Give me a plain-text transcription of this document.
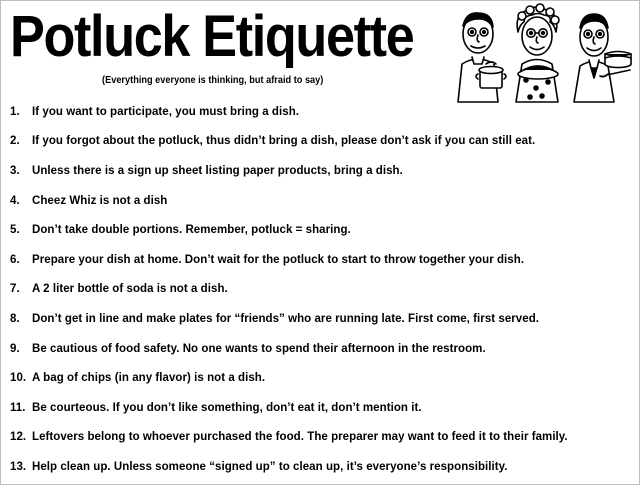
Potluck Etiquette
(Everything everyone is thinking, but afraid to say)
1.	If you want to participate, you must bring a dish.
2.	If you forgot about the potluck, thus didn’t bring a dish, please don’t ask if you can still eat.
3.	Unless there is a sign up sheet listing paper products, bring a dish.
4.	Cheez Whiz is not a dish
5.	Don’t take double portions. Remember, potluck = sharing.
6.	Prepare your dish at home. Don’t wait for the potluck to start to throw together your dish.
7.	A 2 liter bottle of soda is not a dish.
8.	Don’t get in line and make plates for “friends” who are running late. First come, first served.
9.	Be cautious of food safety. No one wants to spend their afternoon in the restroom.
10. A bag of chips (in any flavor) is not a dish.
11. Be courteous. If you don’t like something, don’t eat it, don’t mention it.
12. Leftovers belong to whoever purchased the food. The preparer may want to feed it to their family.
13. Help clean up. Unless someone “signed up” to clean up, it’s everyone’s responsibility.
